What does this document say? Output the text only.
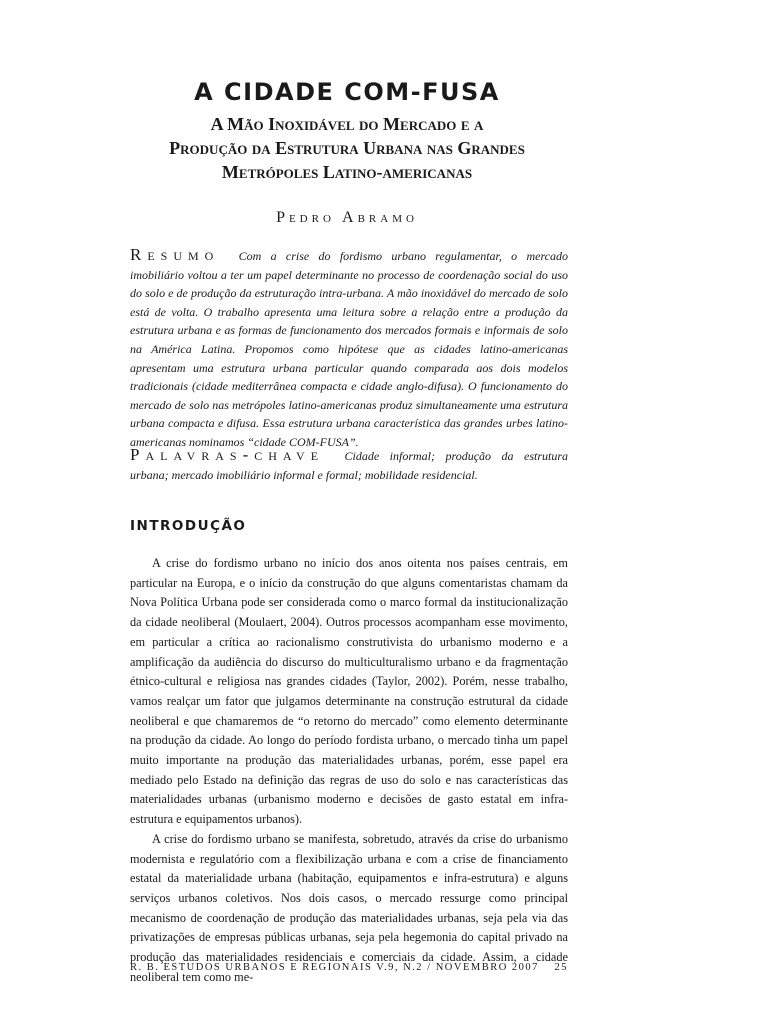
A CIDADE COM-FUSA
A Mão Inoxidável do Mercado e a
Produção da Estrutura Urbana nas Grandes
Metrópoles Latino-americanas

Pedro Abramo

Resumo Com a crise do fordismo urbano regulamentar, o mercado imobiliário voltou a ter um papel determinante no processo de coordenação social do uso do solo e de produção da estruturação intra-urbana. A mão inoxidável do mercado de solo está de volta. O trabalho apresenta uma leitura sobre a relação entre a produção da estrutura urbana e as formas de funcionamento dos mercados formais e informais de solo na América Latina. Propomos como hipótese que as cidades latino-americanas apresentam uma estrutura urbana particular quando comparada aos dois modelos tradicionais (cidade mediterrânea compacta e cidade anglo-difusa). O funcionamento do mercado de solo nas metrópoles latino-americanas produz simultaneamente uma estrutura urbana compacta e difusa. Essa estrutura urbana característica das grandes urbes latino-americanas nominamos “cidade COM-FUSA”.

Palavras-chave Cidade informal; produção da estrutura urbana; mercado imobiliário informal e formal; mobilidade residencial.

INTRODUÇÃO

A crise do fordismo urbano no início dos anos oitenta nos países centrais, em particular na Europa, e o início da construção do que alguns comentaristas chamam da Nova Política Urbana pode ser considerada como o marco formal da institucionalização da cidade neoliberal (Moulaert, 2004). Outros processos acompanham esse movimento, em particular a crítica ao racionalismo construtivista do urbanismo moderno e a amplificação da audiência do discurso do multiculturalismo urbano e da fragmentação étnico-cultural e religiosa nas grandes cidades (Taylor, 2002). Porém, nesse trabalho, vamos realçar um fator que julgamos determinante na construção estrutural da cidade neoliberal e que chamaremos de “o retorno do mercado” como elemento determinante na produção da cidade. Ao longo do período fordista urbano, o mercado tinha um papel muito importante na produção das materialidades urbanas, porém, esse papel era mediado pelo Estado na definição das regras de uso do solo e nas características das materialidades urbanas (urbanismo moderno e decisões de gasto estatal em infra-estrutura e equipamentos urbanos).

A crise do fordismo urbano se manifesta, sobretudo, através da crise do urbanismo modernista e regulatório com a flexibilização urbana e com a crise de financiamento estatal da materialidade urbana (habitação, equipamentos e infra-estrutura) e alguns serviços urbanos coletivos. Nos dois casos, o mercado ressurge como principal mecanismo de coordenação de produção das materialidades urbanas, seja pela via das privatizações de empresas públicas urbanas, seja pela hegemonia do capital privado na produção das materialidades residenciais e comerciais da cidade. Assim, a cidade neoliberal tem como me-

R. B. ESTUDOS URBANOS E REGIONAIS V.9, N.2 / NOVEMBRO 2007 25
